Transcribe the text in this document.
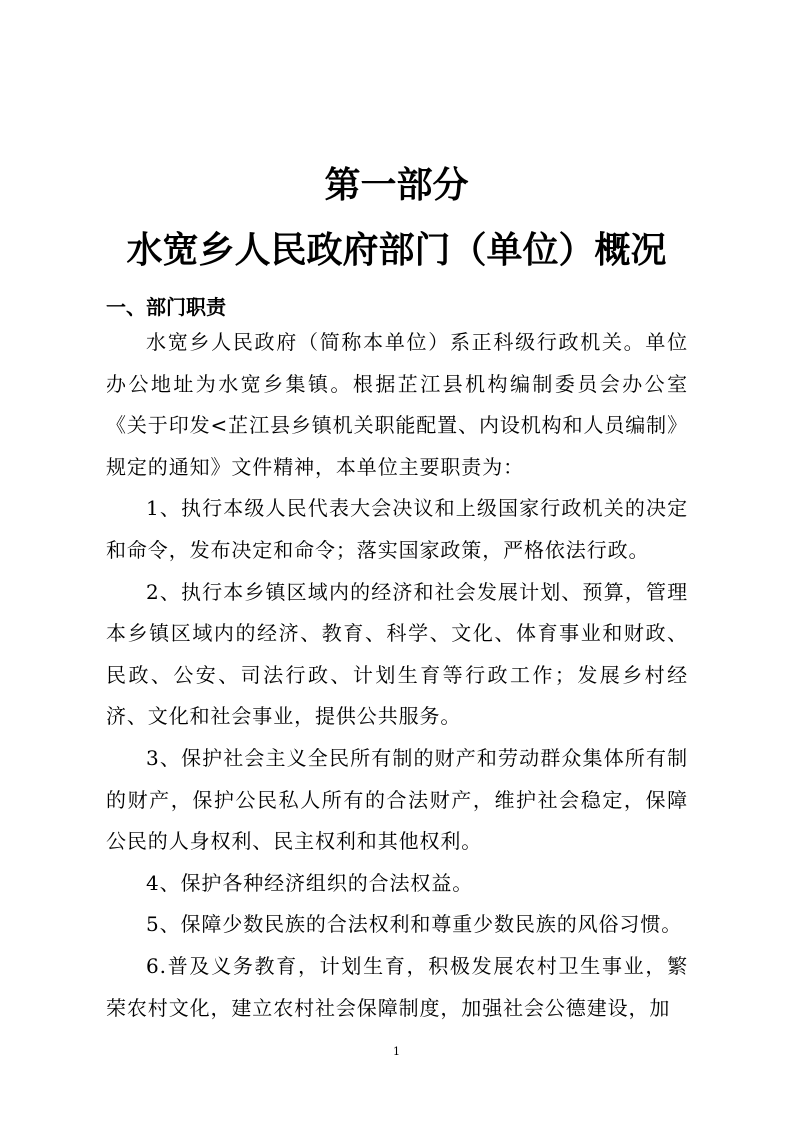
第一部分
水宽乡人民政府部门（单位）概况
一、部门职责

水宽乡人民政府（简称本单位）系正科级行政机关。单位办公地址为水宽乡集镇。根据芷江县机构编制委员会办公室《关于印发<芷江县乡镇机关职能配置、内设机构和人员编制》规定的通知》文件精神，本单位主要职责为：

1、执行本级人民代表大会决议和上级国家行政机关的决定和命令，发布决定和命令；落实国家政策，严格依法行政。

2、执行本乡镇区域内的经济和社会发展计划、预算，管理本乡镇区域内的经济、教育、科学、文化、体育事业和财政、民政、公安、司法行政、计划生育等行政工作；发展乡村经济、文化和社会事业，提供公共服务。

3、保护社会主义全民所有制的财产和劳动群众集体所有制的财产，保护公民私人所有的合法财产，维护社会稳定，保障公民的人身权利、民主权利和其他权利。

4、保护各种经济组织的合法权益。

5、保障少数民族的合法权利和尊重少数民族的风俗习惯。

6.普及义务教育，计划生育，积极发展农村卫生事业，繁荣农村文化，建立农村社会保障制度，加强社会公德建设，加

1
